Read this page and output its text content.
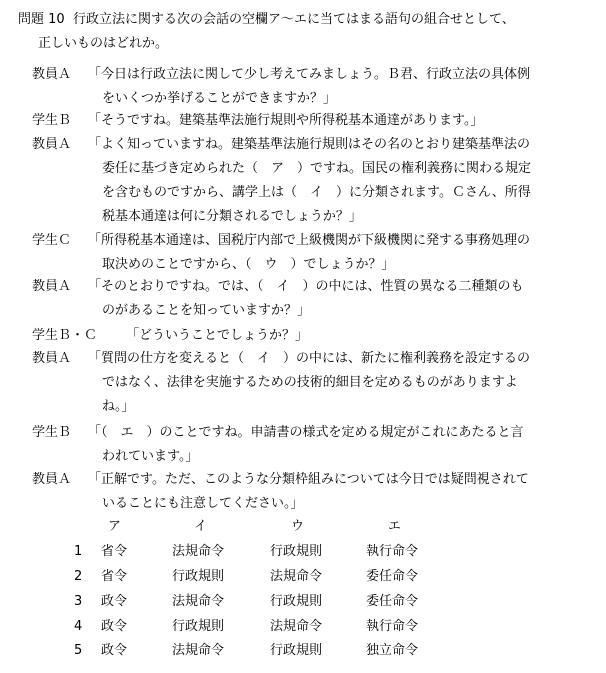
問題 10 行政立法に関する次の会話の空欄ア～エに当てはまる語句の組合せとして、
正しいものはどれか。
教員Ａ 「今日は行政立法に関して少し考えてみましょう。Ｂ君、行政立法の具体例
をいくつか挙げることができますか？」
学生Ｂ 「そうですね。建築基準法施行規則や所得税基本通達があります。」
教員Ａ 「よく知っていますね。建築基準法施行規則はその名のとおり建築基準法の
委任に基づき定められた（　ア　）ですね。国民の権利義務に関わる規定
を含むものですから、講学上は（　イ　）に分類されます。Ｃさん、所得
税基本通達は何に分類されるでしょうか？」
学生Ｃ 「所得税基本通達は、国税庁内部で上級機関が下級機関に発する事務処理の
取決めのことですから、（　ウ　）でしょうか？」
教員Ａ 「そのとおりですね。では、（　イ　）の中には、性質の異なる二種類のも
のがあることを知っていますか？」
学生Ｂ・Ｃ 「どういうことでしょうか？」
教員Ａ 「質問の仕方を変えると（　イ　）の中には、新たに権利義務を設定するの
ではなく、法律を実施するための技術的細目を定めるものがありますよ
ね。」
学生Ｂ 「（　エ　）のことですね。申請書の様式を定める規定がこれにあたると言
われています。」
教員Ａ 「正解です。ただ、このような分類枠組みについては今日では疑問視されて
いることにも注意してください。」
ア	イ	ウ	エ
1 省令	法規命令	行政規則	執行命令
2 省令	行政規則	法規命令	委任命令
3 政令	法規命令	行政規則	委任命令
4 政令	行政規則	法規命令	執行命令
5 政令	法規命令	行政規則	独立命令
